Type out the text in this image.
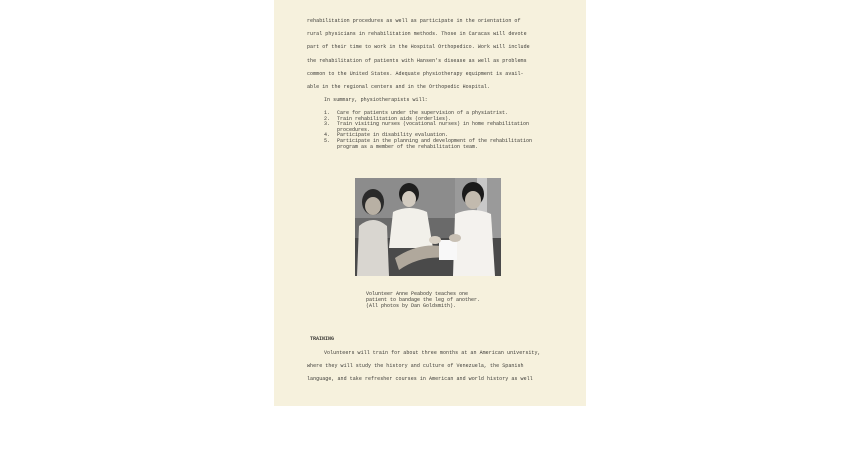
rehabilitation procedures as well as participate in the orientation of
rural physicians in rehabilitation methods. Those in Caracas will devote
part of their time to work in the Hospital Orthopedico. Work will include
the rehabilitation of patients with Hansen's disease as well as problems
common to the United States. Adequate physiotherapy equipment is avail-
able in the regional centers and in the Orthopedic Hospital.
In summary, physiotherapists will:
1.	Care for patients under the supervision of a physiatrist.
2.	Train rehabilitation aids (orderlies).
3.	Train visiting nurses (vocational nurses) in home rehabilitation
procedures.
4.	Participate in disability evaluation.
5.	Participate in the planning and development of the rehabilitation
program as a member of the rehabilitation team.
Volunteer Anne Peabody teaches one
patient to bandage the leg of another.
(All photos by Dan Goldsmith).
TRAINING
Volunteers will train for about three months at an American university,
where they will study the history and culture of Venezuela, the Spanish
language, and take refresher courses in American and world history as well
